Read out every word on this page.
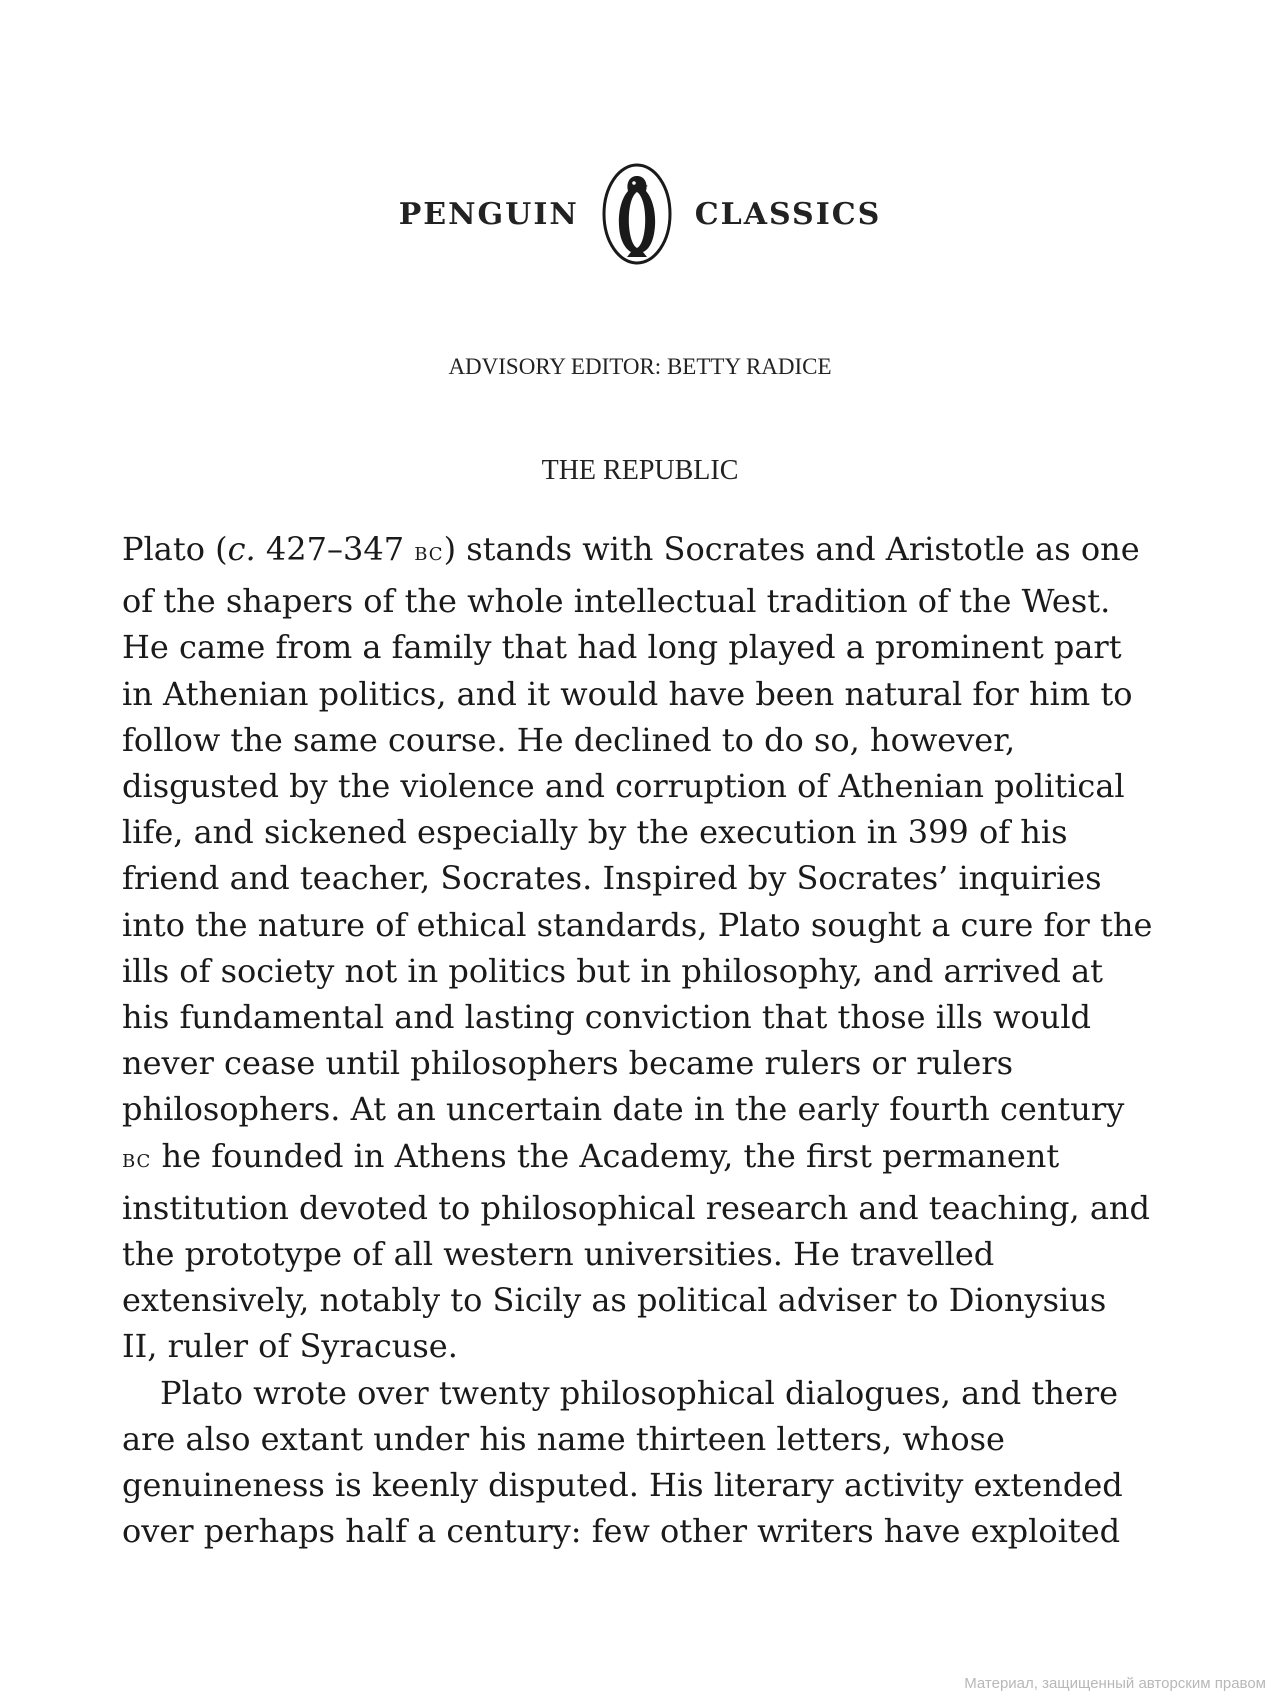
PENGUIN	CLASSICS
ADVISORY EDITOR: BETTY RADICE
THE REPUBLIC
Plato (c. 427–347 BC) stands with Socrates and Aristotle as one
of the shapers of the whole intellectual tradition of the West.
He came from a family that had long played a prominent part
in Athenian politics, and it would have been natural for him to
follow the same course. He declined to do so, however,
disgusted by the violence and corruption of Athenian political
life, and sickened especially by the execution in 399 of his
friend and teacher, Socrates. Inspired by Socrates’ inquiries
into the nature of ethical standards, Plato sought a cure for the
ills of society not in politics but in philosophy, and arrived at
his fundamental and lasting conviction that those ills would
never cease until philosophers became rulers or rulers
philosophers. At an uncertain date in the early fourth century
BC he founded in Athens the Academy, the first permanent
institution devoted to philosophical research and teaching, and
the prototype of all western universities. He travelled
extensively, notably to Sicily as political adviser to Dionysius
II, ruler of Syracuse.
Plato wrote over twenty philosophical dialogues, and there
are also extant under his name thirteen letters, whose
genuineness is keenly disputed. His literary activity extended
over perhaps half a century: few other writers have exploited
Материал, защищенный авторским правом
